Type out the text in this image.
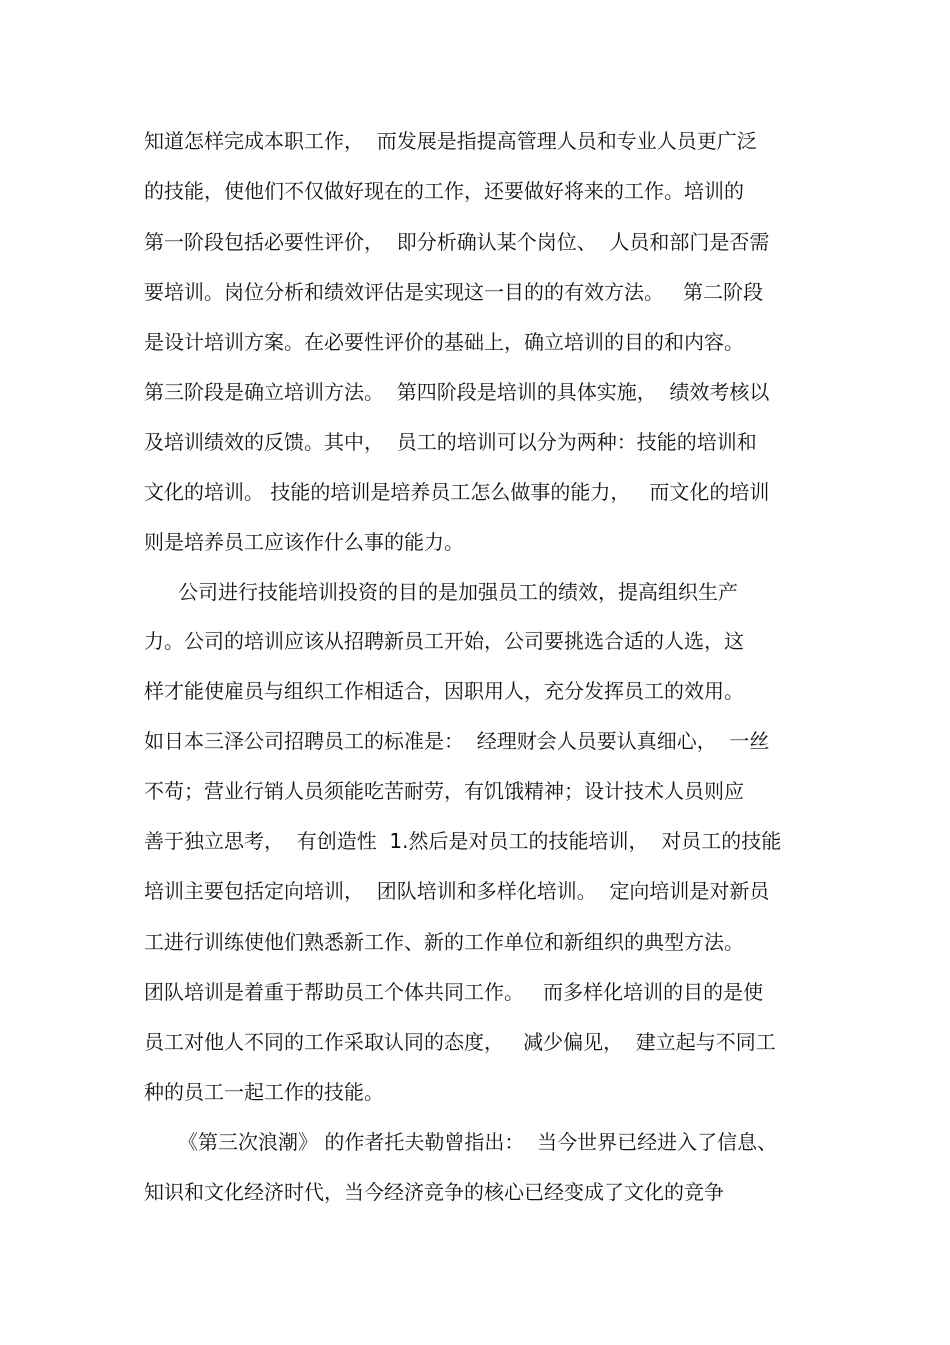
知道怎样完成本职工作，  而发展是指提高管理人员和专业人员更广泛
的技能，使他们不仅做好现在的工作，还要做好将来的工作。培训的
第一阶段包括必要性评价，  即分析确认某个岗位、  人员和部门是否需
要培训。岗位分析和绩效评估是实现这一目的的有效方法。   第二阶段
是设计培训方案。在必要性评价的基础上，确立培训的目的和内容。
第三阶段是确立培训方法。  第四阶段是培训的具体实施，  绩效考核以
及培训绩效的反馈。其中，  员工的培训可以分为两种：技能的培训和
文化的培训。 技能的培训是培养员工怎么做事的能力，   而文化的培训
则是培养员工应该作什么事的能力。
公司进行技能培训投资的目的是加强员工的绩效，提高组织生产
力。公司的培训应该从招聘新员工开始，公司要挑选合适的人选，这
样才能使雇员与组织工作相适合，因职用人，充分发挥员工的效用。
如日本三泽公司招聘员工的标准是：  经理财会人员要认真细心，  一丝
不苟；营业行销人员须能吃苦耐劳，有饥饿精神；设计技术人员则应
善于独立思考，  有创造性  1.然后是对员工的技能培训，  对员工的技能
培训主要包括定向培训，  团队培训和多样化培训。  定向培训是对新员
工进行训练使他们熟悉新工作、新的工作单位和新组织的典型方法。
团队培训是着重于帮助员工个体共同工作。   而多样化培训的目的是使
员工对他人不同的工作采取认同的态度，   减少偏见，  建立起与不同工
种的员工一起工作的技能。
《第三次浪潮》 的作者托夫勒曾指出：  当今世界已经进入了信息、
知识和文化经济时代，当今经济竞争的核心已经变成了文化的竞争
